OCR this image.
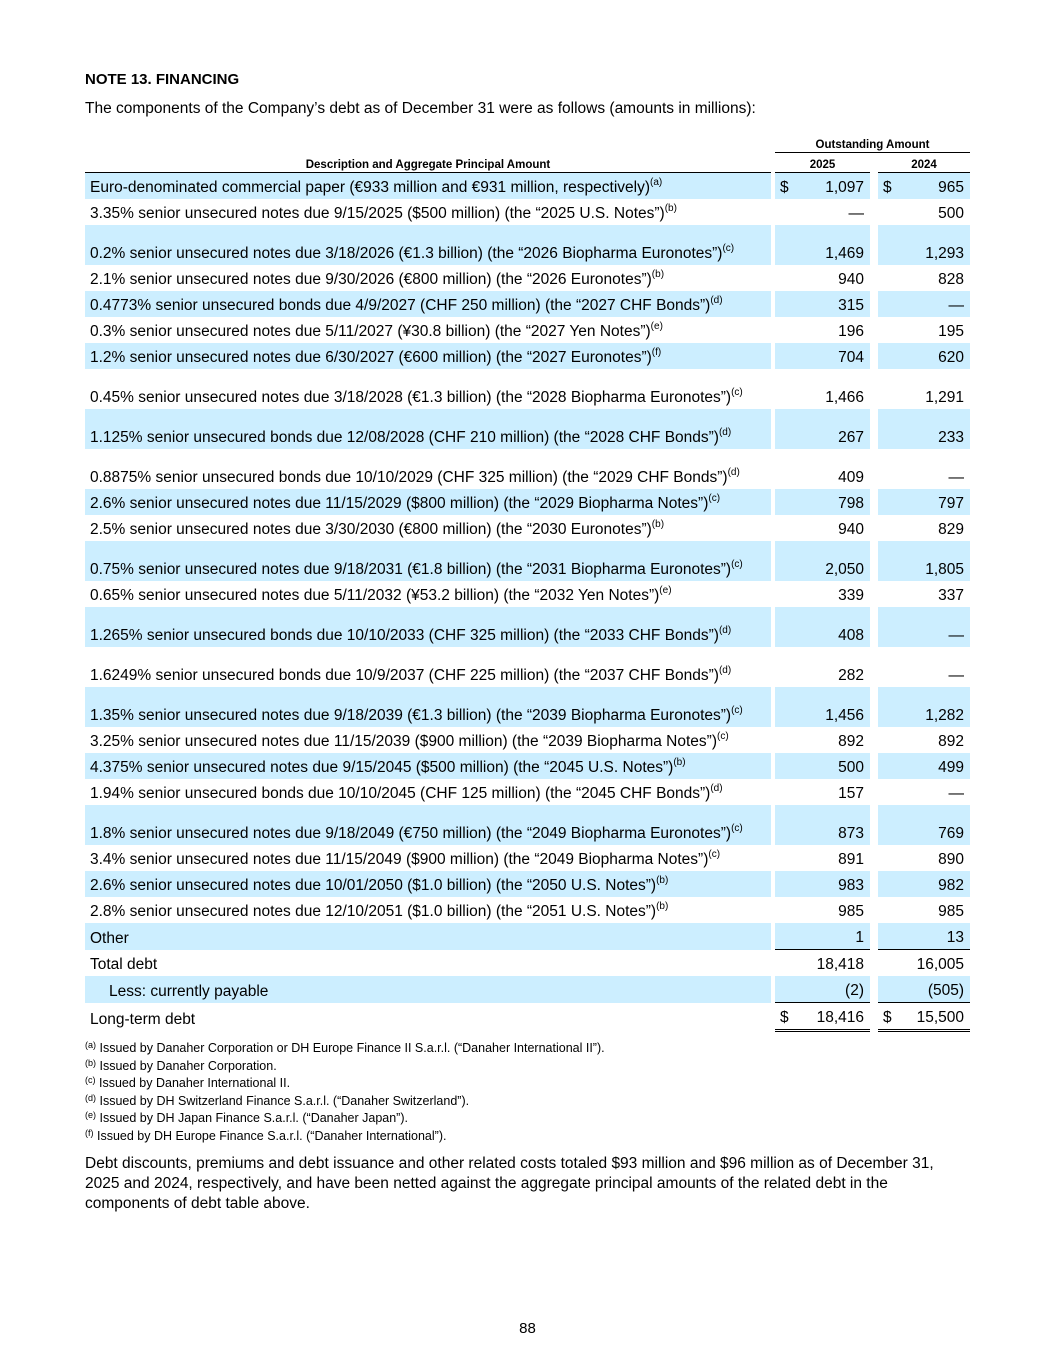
NOTE 13. FINANCING

The components of the Company’s debt as of December 31 were as follows (amounts in millions):

		Outstanding Amount				
Description and Aggregate Principal Amount		2025			2024	
Euro-denominated commercial paper (€933 million and €931 million, respectively)$^{(a)}$		$	1,097		$	965
3.35% senior unsecured notes due 9/15/2025 ($500 million) (the “2025 U.S. Notes”)$^{(b)}$			—			500
0.2% senior unsecured notes due 3/18/2026 (€1.3 billion) (the “2026 Biopharma Euronotes”)$^{(c)}$			1,469			1,293
2.1% senior unsecured notes due 9/30/2026 (€800 million) (the “2026 Euronotes”)$^{(b)}$			940			828
0.4773% senior unsecured bonds due 4/9/2027 (CHF 250 million) (the “2027 CHF Bonds”)$^{(d)}$			315			—
0.3% senior unsecured notes due 5/11/2027 (¥30.8 billion) (the “2027 Yen Notes”)$^{(e)}$			196			195
1.2% senior unsecured notes due 6/30/2027 (€600 million) (the “2027 Euronotes”)$^{(f)}$			704			620
0.45% senior unsecured notes due 3/18/2028 (€1.3 billion) (the “2028 Biopharma Euronotes”)$^{(c)}$			1,466			1,291
1.125% senior unsecured bonds due 12/08/2028 (CHF 210 million) (the “2028 CHF Bonds”)$^{(d)}$			267			233
0.8875% senior unsecured bonds due 10/10/2029 (CHF 325 million) (the “2029 CHF Bonds”)$^{(d)}$			409			—
2.6% senior unsecured notes due 11/15/2029 ($800 million) (the “2029 Biopharma Notes”)$^{(c)}$			798			797
2.5% senior unsecured notes due 3/30/2030 (€800 million) (the “2030 Euronotes”)$^{(b)}$			940			829
0.75% senior unsecured notes due 9/18/2031 (€1.8 billion) (the “2031 Biopharma Euronotes”)$^{(c)}$			2,050			1,805
0.65% senior unsecured notes due 5/11/2032 (¥53.2 billion) (the “2032 Yen Notes”)$^{(e)}$			339			337
1.265% senior unsecured bonds due 10/10/2033 (CHF 325 million) (the “2033 CHF Bonds”)$^{(d)}$			408			—
1.6249% senior unsecured bonds due 10/9/2037 (CHF 225 million) (the “2037 CHF Bonds”)$^{(d)}$			282			—
1.35% senior unsecured notes due 9/18/2039 (€1.3 billion) (the “2039 Biopharma Euronotes”)$^{(c)}$			1,456			1,282
3.25% senior unsecured notes due 11/15/2039 ($900 million) (the “2039 Biopharma Notes”)$^{(c)}$			892			892
4.375% senior unsecured notes due 9/15/2045 ($500 million) (the “2045 U.S. Notes”)$^{(b)}$			500			499
1.94% senior unsecured bonds due 10/10/2045 (CHF 125 million) (the “2045 CHF Bonds”)$^{(d)}$			157			—
1.8% senior unsecured notes due 9/18/2049 (€750 million) (the “2049 Biopharma Euronotes”)$^{(c)}$			873			769
3.4% senior unsecured notes due 11/15/2049 ($900 million) (the “2049 Biopharma Notes”)$^{(c)}$			891			890
2.6% senior unsecured notes due 10/01/2050 ($1.0 billion) (the “2050 U.S. Notes”)$^{(b)}$			983			982
2.8% senior unsecured notes due 12/10/2051 ($1.0 billion) (the “2051 U.S. Notes”)$^{(b)}$			985			985
Other			1			13
Total debt			18,418			16,005
Less: currently payable			(2)			(505)
Long-term debt		$	18,416		$	15,500
$^{(a)}$ Issued by Danaher Corporation or DH Europe Finance II S.a.r.l. (“Danaher International II”).
$^{(b)}$ Issued by Danaher Corporation.
$^{(c)}$ Issued by Danaher International II.
$^{(d)}$ Issued by DH Switzerland Finance S.a.r.l. (“Danaher Switzerland”).
$^{(e)}$ Issued by DH Japan Finance S.a.r.l. (“Danaher Japan”).
$^{(f)}$ Issued by DH Europe Finance S.a.r.l. (“Danaher International”).

Debt discounts, premiums and debt issuance and other related costs totaled $93 million and $96 million as of December 31, 2025 and 2024, respectively, and have been netted against the aggregate principal amounts of the related debt in the components of debt table above.

88
